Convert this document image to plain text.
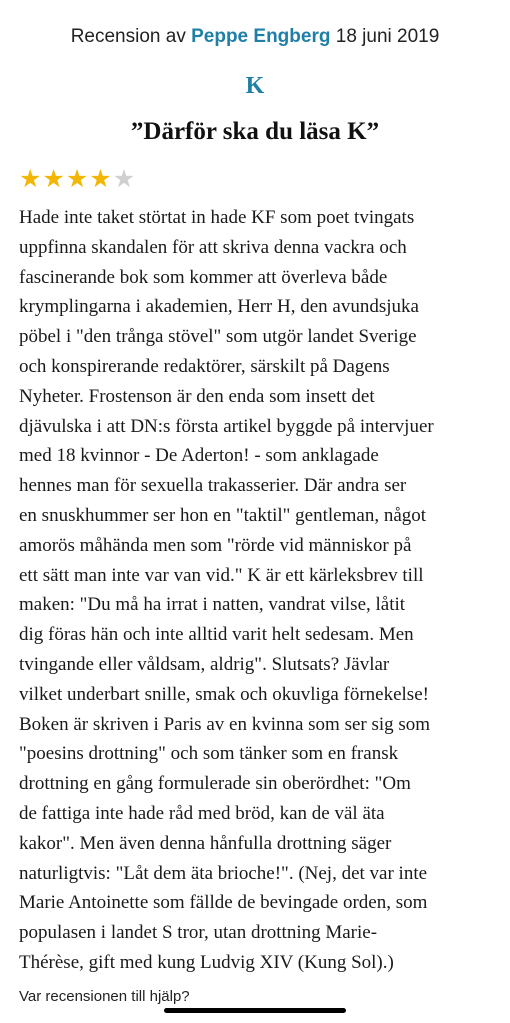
Recension av Peppe Engberg 18 juni 2019
K
”Därför ska du läsa K”
★ ★ ★ ★ ★
Hade inte taket störtat in hade KF som poet tvingats
uppfinna skandalen för att skriva denna vackra och
fascinerande bok som kommer att överleva både
krymplingarna i akademien, Herr H, den avundsjuka
pöbel i "den trånga stövel" som utgör landet Sverige
och konspirerande redaktörer, särskilt på Dagens
Nyheter. Frostenson är den enda som insett det
djävulska i att DN:s första artikel byggde på intervjuer
med 18 kvinnor - De Aderton! - som anklagade
hennes man för sexuella trakasserier. Där andra ser
en snuskhummer ser hon en "taktil" gentleman, något
amorös måhända men som "rörde vid människor på
ett sätt man inte var van vid." K är ett kärleksbrev till
maken: "Du må ha irrat i natten, vandrat vilse, låtit
dig föras hän och inte alltid varit helt sedesam. Men
tvingande eller våldsam, aldrig". Slutsats? Jävlar
vilket underbart snille, smak och okuvliga förnekelse!
Boken är skriven i Paris av en kvinna som ser sig som
"poesins drottning" och som tänker som en fransk
drottning en gång formulerade sin oberördhet: "Om
de fattiga inte hade råd med bröd, kan de väl äta
kakor". Men även denna hånfulla drottning säger
naturligtvis: "Låt dem äta brioche!". (Nej, det var inte
Marie Antoinette som fällde de bevingade orden, som
populasen i landet S tror, utan drottning Marie-
Thérèse, gift med kung Ludvig XIV (Kung Sol).)
Var recensionen till hjälp?
